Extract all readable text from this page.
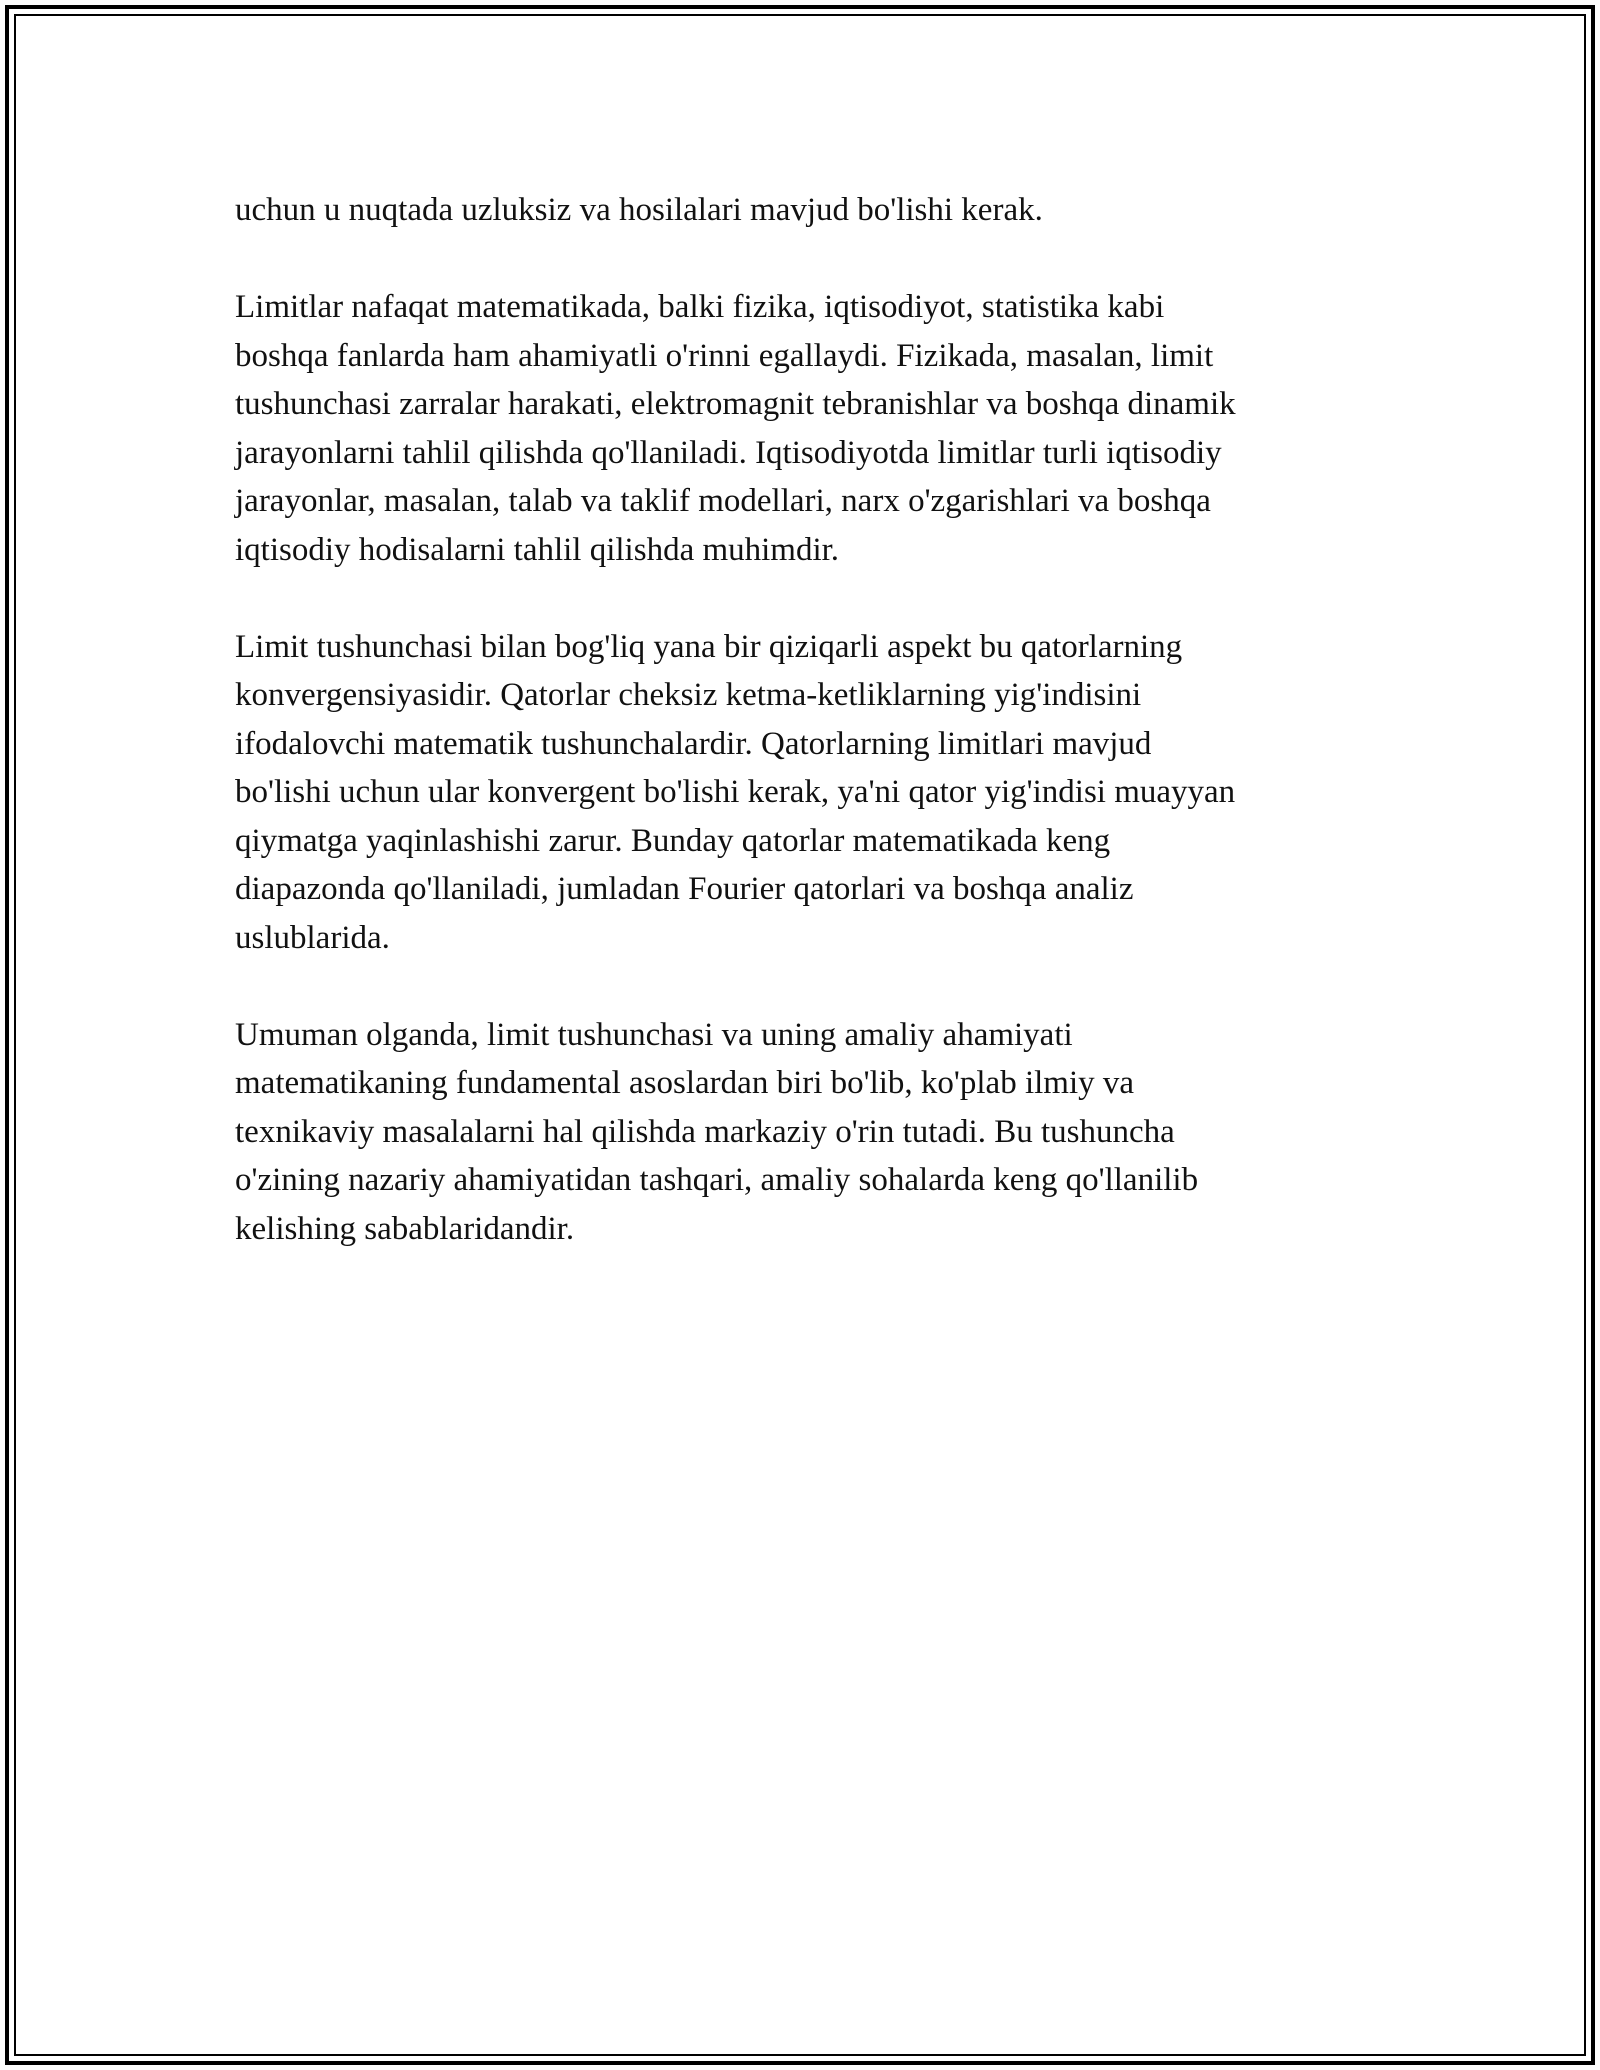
uchun u nuqtada uzluksiz va hosilalari mavjud bo'lishi kerak.
Limitlar nafaqat matematikada, balki fizika, iqtisodiyot, statistika kabi
boshqa fanlarda ham ahamiyatli o'rinni egallaydi. Fizikada, masalan, limit
tushunchasi zarralar harakati, elektromagnit tebranishlar va boshqa dinamik
jarayonlarni tahlil qilishda qo'llaniladi. Iqtisodiyotda limitlar turli iqtisodiy
jarayonlar, masalan, talab va taklif modellari, narx o'zgarishlari va boshqa
iqtisodiy hodisalarni tahlil qilishda muhimdir.
Limit tushunchasi bilan bog'liq yana bir qiziqarli aspekt bu qatorlarning
konvergensiyasidir. Qatorlar cheksiz ketma-ketliklarning yig'indisini
ifodalovchi matematik tushunchalardir. Qatorlarning limitlari mavjud
bo'lishi uchun ular konvergent bo'lishi kerak, ya'ni qator yig'indisi muayyan
qiymatga yaqinlashishi zarur. Bunday qatorlar matematikada keng
diapazonda qo'llaniladi, jumladan Fourier qatorlari va boshqa analiz
uslublarida.
Umuman olganda, limit tushunchasi va uning amaliy ahamiyati
matematikaning fundamental asoslardan biri bo'lib, ko'plab ilmiy va
texnikaviy masalalarni hal qilishda markaziy o'rin tutadi. Bu tushuncha
o'zining nazariy ahamiyatidan tashqari, amaliy sohalarda keng qo'llanilib
kelishing sabablaridandir.
